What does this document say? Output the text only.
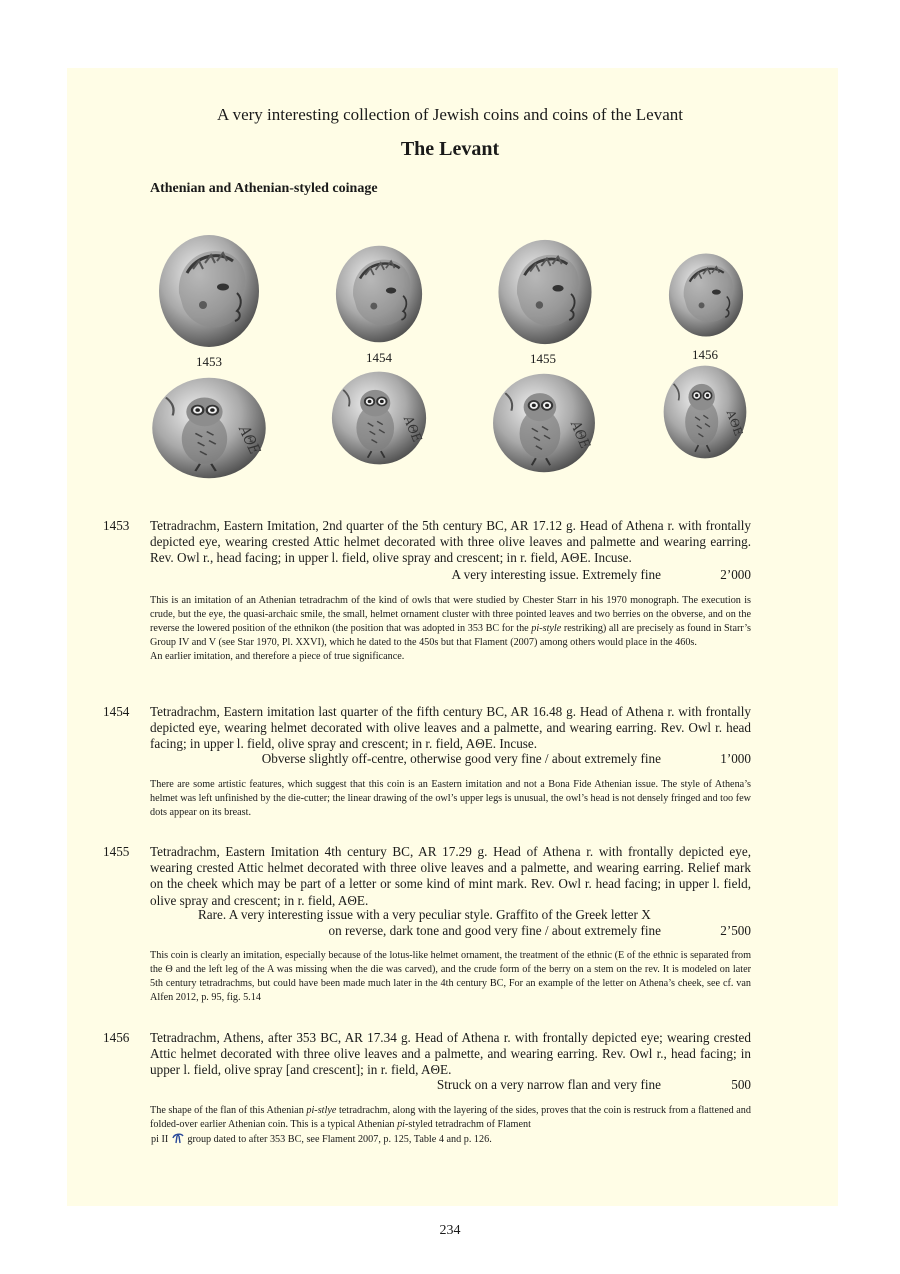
A very interesting collection of Jewish coins and coins of the Levant
The Levant
Athenian and Athenian-styled coinage
1453	1454	1455	1456
1453 Tetradrachm, Eastern Imitation, 2nd quarter of the 5th century BC, AR 17.12 g. Head of Athena r. with frontally depicted eye, wearing crested Attic helmet decorated with three olive leaves and palmette and wearing earring. Rev. Owl r., head facing; in upper l. field, olive spray and crescent; in r. field, AΘE. Incuse.
A very interesting issue. Extremely fine	2’000
This is an imitation of an Athenian tetradrachm of the kind of owls that were studied by Chester Starr in his 1970 monograph. The execution is crude, but the eye, the quasi-archaic smile, the small, helmet ornament cluster with three pointed leaves and two berries on the obverse, and on the reverse the lowered position of the ethnikon (the position that was adopted in 353 BC for the pi-style restriking) all are precisely as found in Starr’s Group IV and V (see Star 1970, Pl. XXVI), which he dated to the 450s but that Flament (2007) among others would place in the 460s.
An earlier imitation, and therefore a piece of true significance.
1454 Tetradrachm, Eastern imitation last quarter of the fifth century BC, AR 16.48 g. Head of Athena r. with frontally depicted eye, wearing helmet decorated with olive leaves and a palmette, and wearing earring. Rev. Owl r. head facing; in upper l. field, olive spray and crescent; in r. field, AΘE. Incuse.
Obverse slightly off-centre, otherwise good very fine / about extremely fine	1’000
There are some artistic features, which suggest that this coin is an Eastern imitation and not a Bona Fide Athenian issue. The style of Athena’s helmet was left unfinished by the die-cutter; the linear drawing of the owl’s upper legs is unusual, the owl’s head is not densely fringed and too few dots appear on its breast.
1455 Tetradrachm, Eastern Imitation 4th century BC, AR 17.29 g. Head of Athena r. with frontally depicted eye, wearing crested Attic helmet decorated with three olive leaves and a palmette, and wearing earring. Relief mark on the cheek which may be part of a letter or some kind of mint mark. Rev. Owl r. head facing; in upper l. field, olive spray and crescent; in r. field, AΘE.
Rare. A very interesting issue with a very peculiar style. Graffito of the Greek letter X
on reverse, dark tone and good very fine / about extremely fine	2’500
This coin is clearly an imitation, especially because of the lotus-like helmet ornament, the treatment of the ethnic (E of the ethnic is separated from the Θ and the left leg of the A was missing when the die was carved), and the crude form of the berry on a stem on the rev. It is modeled on later 5th century tetradrachms, but could have been made much later in the 4th century BC, For an example of the letter on Athena’s cheek, see cf. van Alfen 2012, p. 95, fig. 5.14
1456 Tetradrachm, Athens, after 353 BC, AR 17.34 g. Head of Athena r. with frontally depicted eye; wearing crested Attic helmet decorated with three olive leaves and a palmette, and wearing earring. Rev. Owl r., head facing; in upper l. field, olive spray [and crescent]; in r. field, AΘE.
Struck on a very narrow flan and very fine	500
The shape of the flan of this Athenian pi-stlye tetradrachm, along with the layering of the sides, proves that the coin is restruck from a flattened and folded-over earlier Athenian coin. This is a typical Athenian pi-styled tetradrachm of Flament
pi II group dated to after 353 BC, see Flament 2007, p. 125, Table 4 and p. 126.
234
